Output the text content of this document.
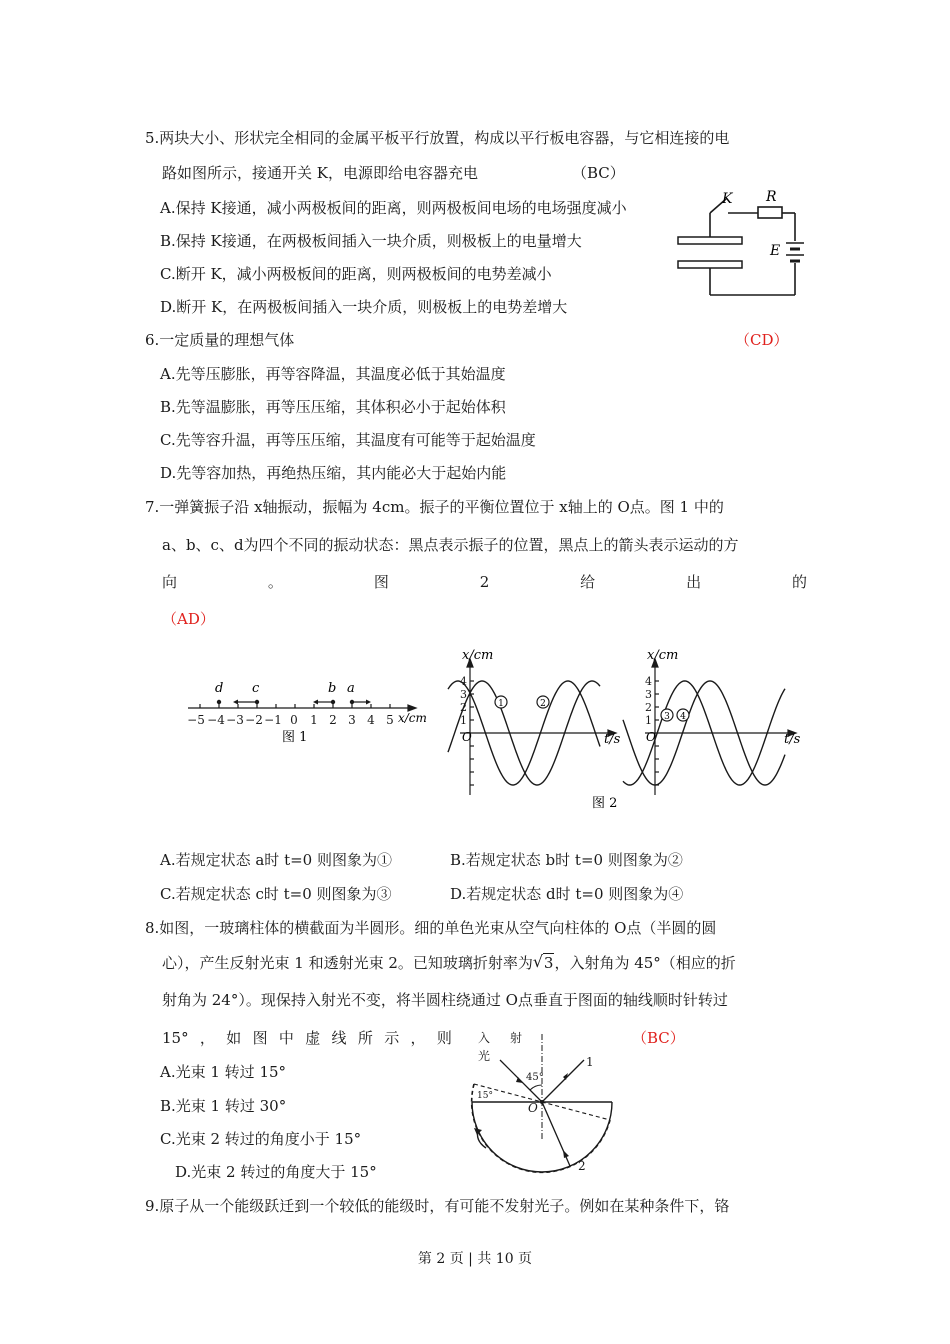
5.两块大小、形状完全相同的金属平板平行放置，构成以平行板电容器，与它相连接的电
路如图所示，接通开关 K，电源即给电容器充电	（BC）
A.保持 K接通，减小两极板间的距离，则两极板间电场的电场强度减小
B.保持 K接通，在两极板间插入一块介质，则极板上的电量增大
C.断开 K，减小两极板间的距离，则两极板间的电势差减小
D.断开 K，在两极板间插入一块介质，则极板上的电势差增大
K R
E
6.一定质量的理想气体	（CD）
A.先等压膨胀，再等容降温，其温度必低于其始温度
B.先等温膨胀，再等压压缩，其体积必小于起始体积
C.先等容升温，再等压压缩，其温度有可能等于起始温度
D.先等容加热，再绝热压缩，其内能必大于起始内能
7.一弹簧振子沿 x轴振动，振幅为 4cm。振子的平衡位置位于 x轴上的 O点。图 1 中的
a、b、c、d为四个不同的振动状态：黑点表示振子的位置，黑点上的箭头表示运动的方
向	。	图	2	给	出	的
（AD）
−5 −4 −3 −2 −1 0 1 2 3 4 5 x/cm
d c	b a
图 1
4
3
2
1
x/cm
t/s
O
1	2
4
3
2
1
x/cm
t/s
O
3 4
图 2
A.若规定状态 a时 t=0 则图象为①	B.若规定状态 b时 t=0 则图象为②
C.若规定状态 c时 t=0 则图象为③	D.若规定状态 d时 t=0 则图象为④
8.如图，一玻璃柱体的横截面为半圆形。细的单色光束从空气向柱体的 O点（半圆的圆
心），产生反射光束 1 和透射光束 2。已知玻璃折射率为 √ 3，入射角为 45°（相应的折
射角为 24°）。现保持入射光不变，将半圆柱绕通过 O点垂直于图面的轴线顺时针转过
15° ， 如 图 中 虚 线 所 示 ， 则	（BC）
A.光束 1 转过 15°
B.光束 1 转过 30°
C.光束 2 转过的角度小于 15°
D.光束 2 转过的角度大于 15°
入 射
光
45°
15°
O
1
2
9.原子从一个能级跃迁到一个较低的能级时，有可能不发射光子。例如在某种条件下，铬
第 2 页 | 共 10 页
